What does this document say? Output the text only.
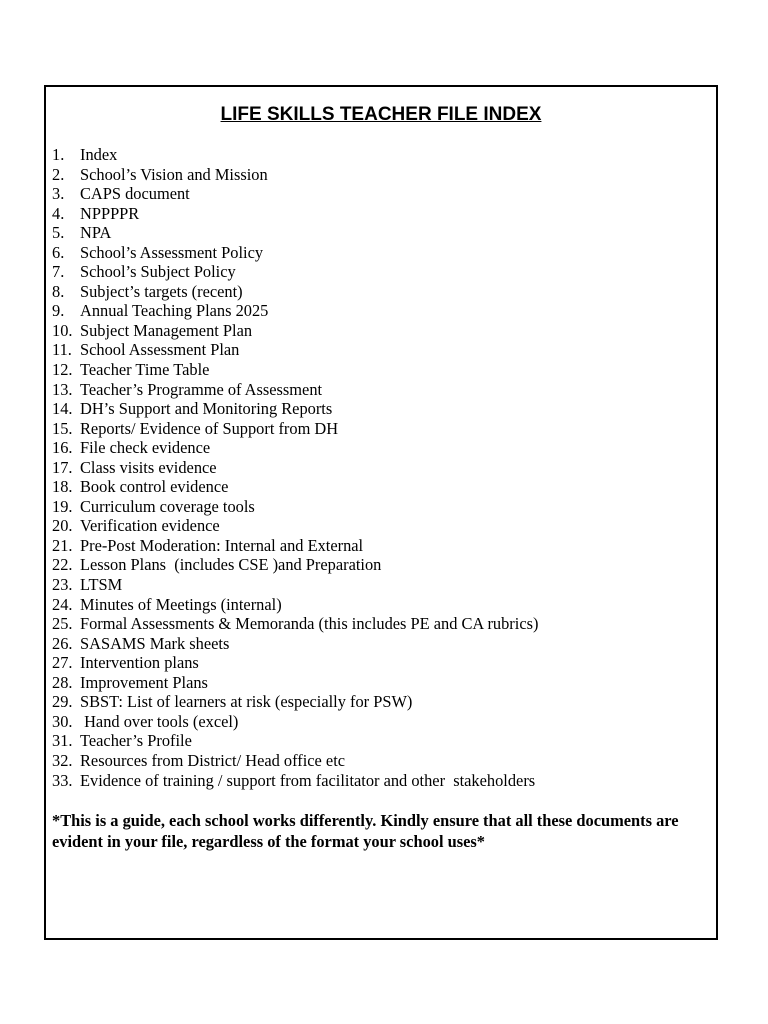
LIFE SKILLS TEACHER FILE INDEX
1. Index
2. School’s Vision and Mission
3. CAPS document
4. NPPPPR
5. NPA
6. School’s Assessment Policy
7. School’s Subject Policy
8. Subject’s targets (recent)
9. Annual Teaching Plans 2025
10. Subject Management Plan
11. School Assessment Plan
12. Teacher Time Table
13. Teacher’s Programme of Assessment
14. DH’s Support and Monitoring Reports
15. Reports/ Evidence of Support from DH
16. File check evidence
17. Class visits evidence
18. Book control evidence
19. Curriculum coverage tools
20. Verification evidence
21. Pre-Post Moderation: Internal and External
22. Lesson Plans  (includes CSE )and Preparation
23. LTSM
24. Minutes of Meetings (internal)
25. Formal Assessments & Memoranda (this includes PE and CA rubrics)
26. SASAMS Mark sheets
27. Intervention plans
28. Improvement Plans
29. SBST: List of learners at risk (especially for PSW)
30. Hand over tools (excel)
31. Teacher’s Profile
32. Resources from District/ Head office etc
33. Evidence of training / support from facilitator and other  stakeholders
*This is a guide, each school works differently. Kindly ensure that all these documents are evident in your file, regardless of the format your school uses*
